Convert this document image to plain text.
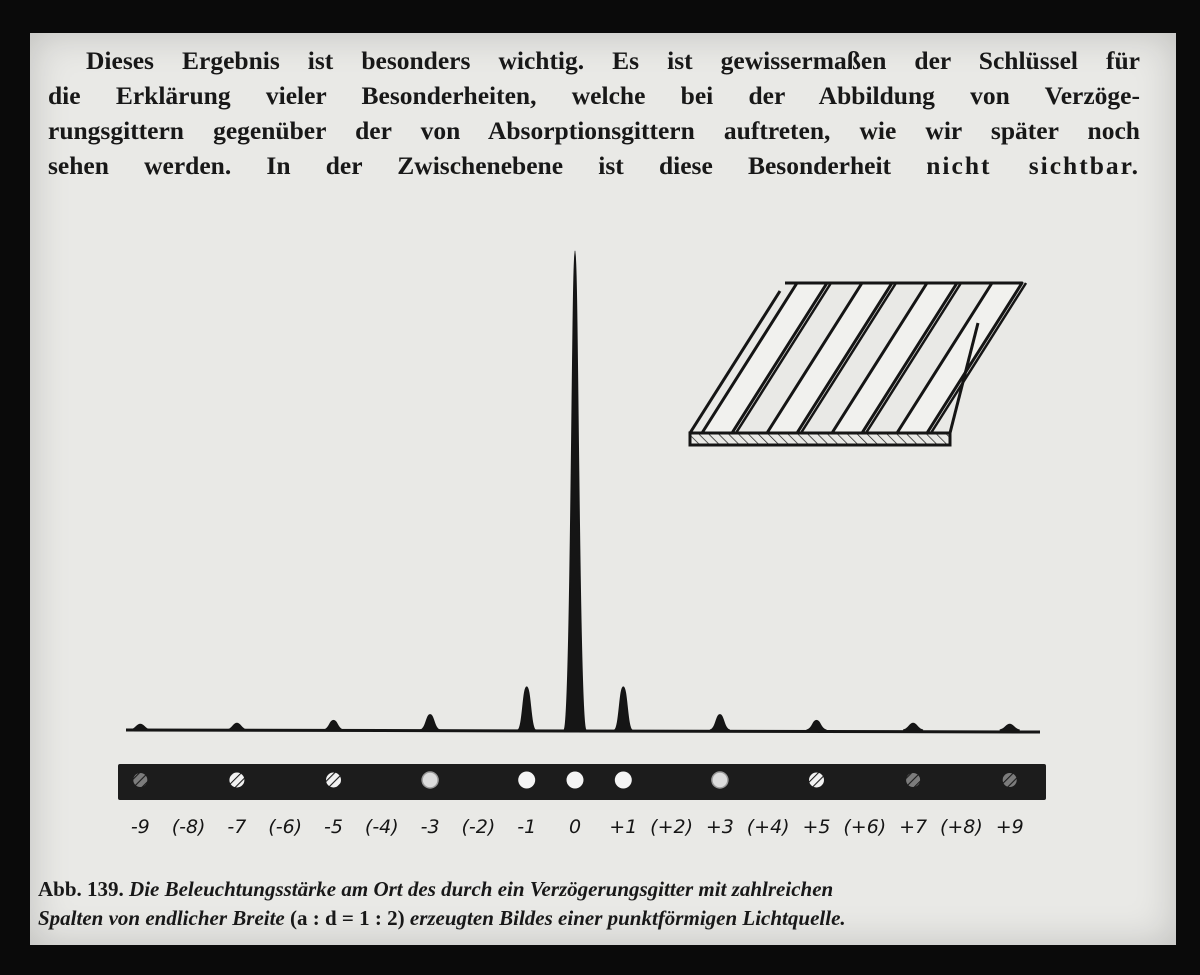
Dieses Ergebnis ist besonders wichtig. Es ist gewissermaßen der Schlüssel für
die Erklärung vieler Besonderheiten, welche bei der Abbildung von Verzöge-
rungsgittern gegenüber der von Absorptionsgittern auftreten, wie wir später noch
sehen werden. In der Zwischenebene ist diese Besonderheit nicht sichtbar.
-9 (-8) -7 (-6) -5 (-4) -3 (-2) -1 0 +1 (+2) +3 (+4) +5 (+6) +7 (+8) +9
Abb. 139. Die Beleuchtungsstärke am Ort des durch ein Verzögerungsgitter mit zahlreichen
Spalten von endlicher Breite (a : d = 1 : 2) erzeugten Bildes einer punktförmigen Lichtquelle.
